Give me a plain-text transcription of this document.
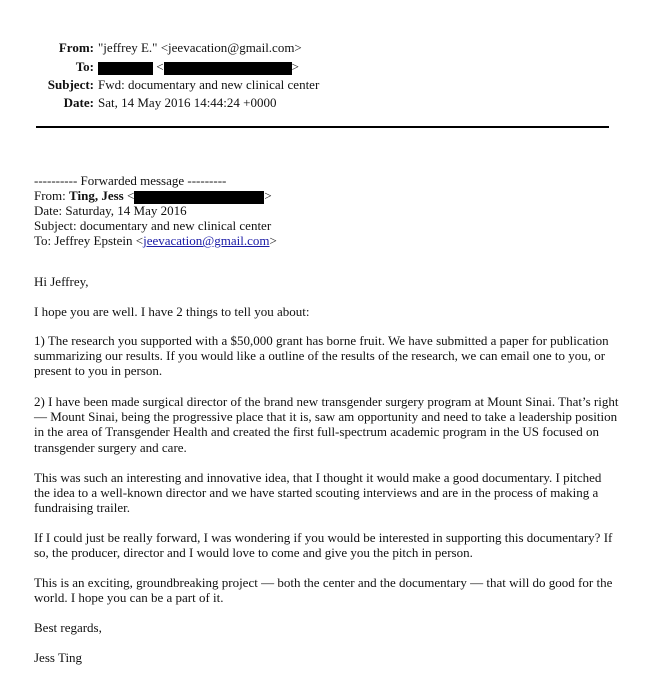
From: "jeffrey E." <jeevacation@gmail.com>
To:	<	>
Subject: Fwd: documentary and new clinical center
Date: Sat, 14 May 2016 14:44:24 +0000
---------- Forwarded message ---------
From: Ting, Jess <	>
Date: Saturday, 14 May 2016
Subject: documentary and new clinical center
To: Jeffrey Epstein <jeevacation@gmail.com>

Hi Jeffrey,

I hope you are well. I have 2 things to tell you about:

1) The research you supported with a $50,000 grant has borne fruit. We have submitted a paper for publication summarizing our results. If you would like a outline of the results of the research, we can email one to you, or present to you in person.

2) I have been made surgical director of the brand new transgender surgery program at Mount Sinai. That’s right — Mount Sinai, being the progressive place that it is, saw am opportunity and need to take a leadership position in the area of Transgender Health and created the first full-spectrum academic program in the US focused on transgender surgery and care.

This was such an interesting and innovative idea, that I thought it would make a good documentary. I pitched the idea to a well-known director and we have started scouting interviews and are in the process of making a fundraising trailer.

If I could just be really forward, I was wondering if you would be interested in supporting this documentary? If so, the producer, director and I would love to come and give you the pitch in person.

This is an exciting, groundbreaking project — both the center and the documentary — that will do good for the world. I hope you can be a part of it.

Best regards,

Jess Ting
